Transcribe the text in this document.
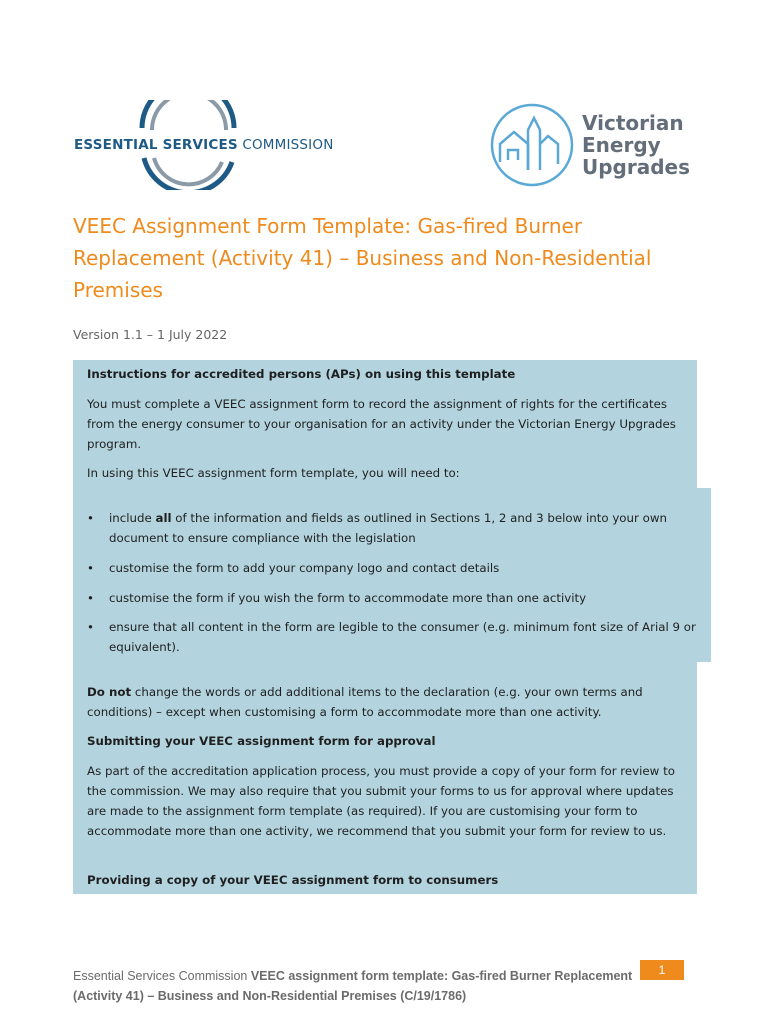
ESSENTIAL SERVICES COMMISSION
Victorian
Energy
Upgrades
VEEC Assignment Form Template: Gas-fired Burner Replacement (Activity 41) – Business and Non-Residential Premises
Version 1.1 – 1 July 2022
Instructions for accredited persons (APs) on using this template
You must complete a VEEC assignment form to record the assignment of rights for the certificates from the energy consumer to your organisation for an activity under the Victorian Energy Upgrades program.
In using this VEEC assignment form template, you will need to:
• include all of the information and fields as outlined in Sections 1, 2 and 3 below into your own document to ensure compliance with the legislation
• customise the form to add your company logo and contact details
• customise the form if you wish the form to accommodate more than one activity
• ensure that all content in the form are legible to the consumer (e.g. minimum font size of Arial 9 or equivalent).
Do not change the words or add additional items to the declaration (e.g. your own terms and conditions) – except when customising a form to accommodate more than one activity.
Submitting your VEEC assignment form for approval
As part of the accreditation application process, you must provide a copy of your form for review to the commission. We may also require that you submit your forms to us for approval where updates are made to the assignment form template (as required). If you are customising your form to accommodate more than one activity, we recommend that you submit your form for review to us.
Providing a copy of your VEEC assignment form to consumers
Essential Services Commission VEEC assignment form template: Gas-fired Burner Replacement (Activity 41) – Business and Non-Residential Premises (C/19/1786)
1
